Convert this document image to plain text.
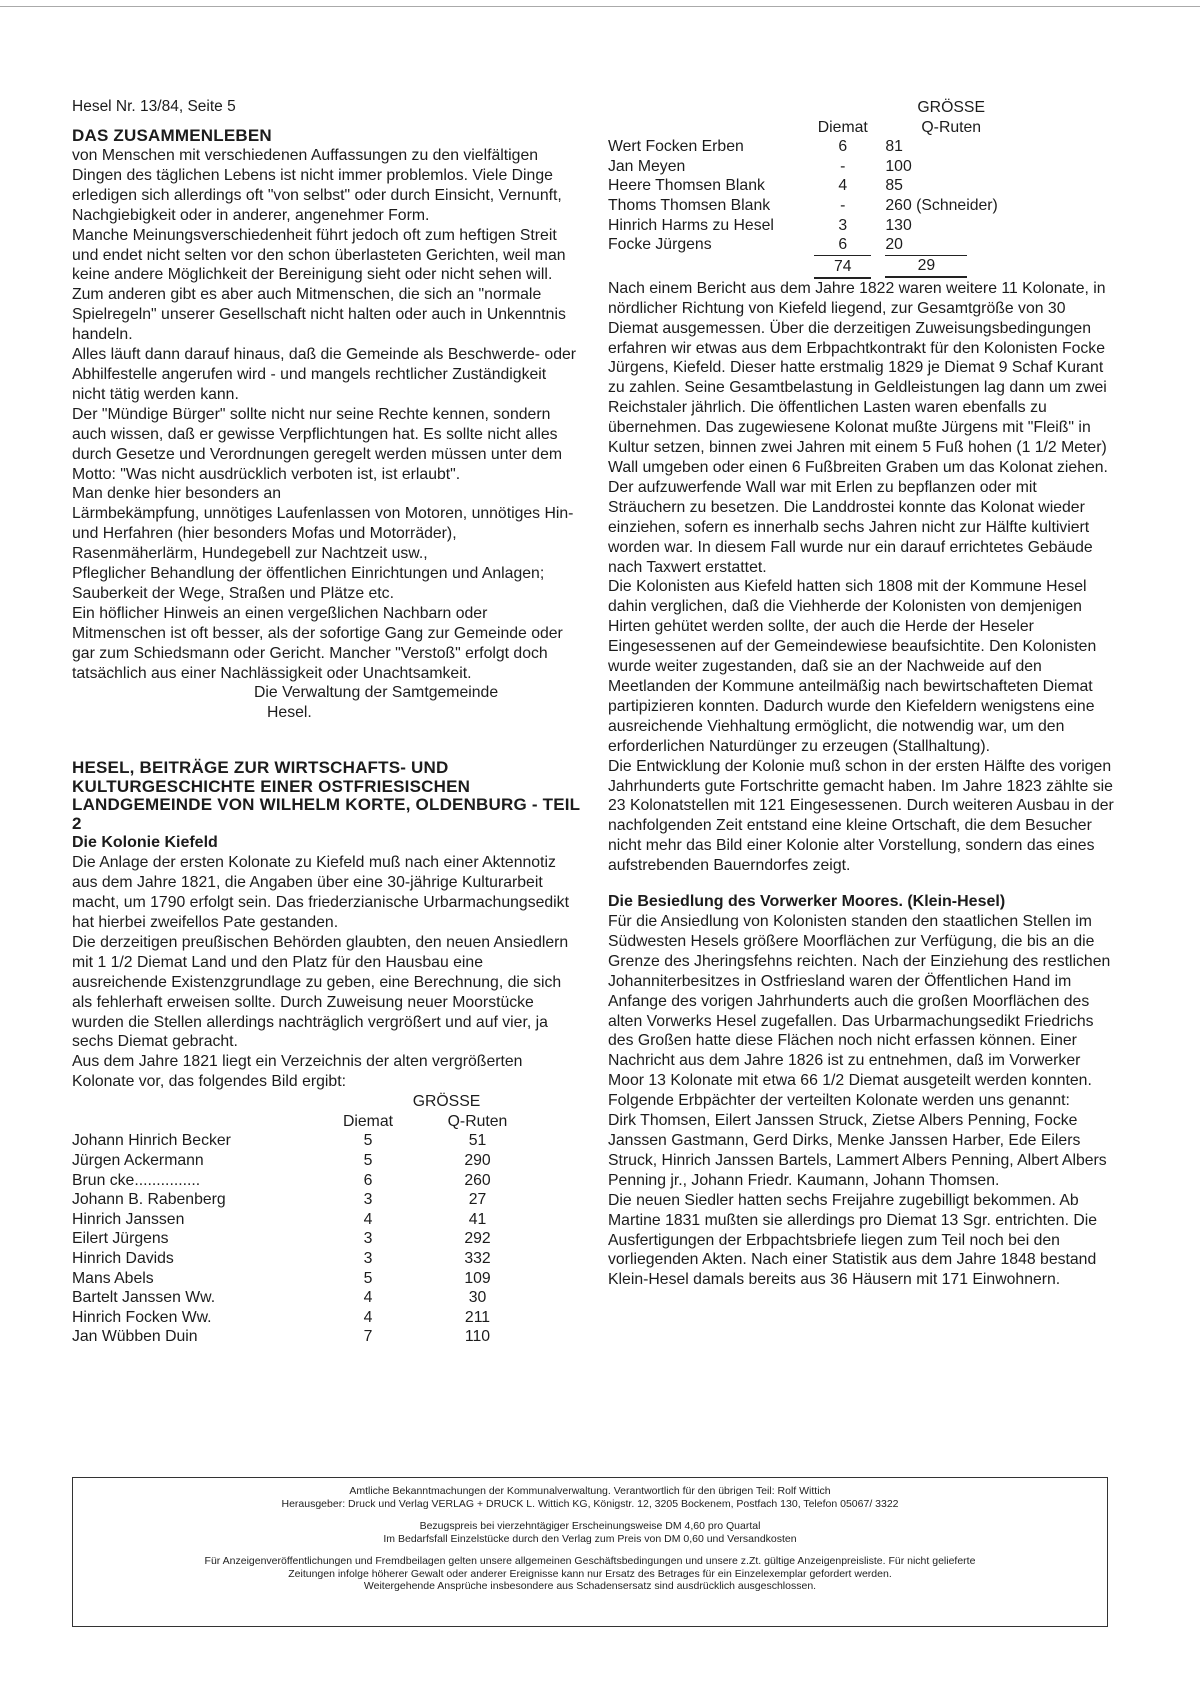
Hesel Nr. 13/84, Seite 5
DAS ZUSAMMENLEBEN

von Menschen mit verschiedenen Auffassungen zu den vielfältigen Dingen des täglichen Lebens ist nicht immer problemlos. Viele Dinge erledigen sich allerdings oft "von selbst" oder durch Einsicht, Vernunft, Nachgiebigkeit oder in anderer, angenehmer Form.

Manche Meinungsverschiedenheit führt jedoch oft zum heftigen Streit und endet nicht selten vor den schon überlasteten Gerichten, weil man keine andere Möglichkeit der Bereinigung sieht oder nicht sehen will.

Zum anderen gibt es aber auch Mitmenschen, die sich an "normale Spielregeln" unserer Gesellschaft nicht halten oder auch in Unkenntnis handeln.

Alles läuft dann darauf hinaus, daß die Gemeinde als Beschwerde- oder Abhilfestelle angerufen wird - und mangels rechtlicher Zuständigkeit nicht tätig werden kann.

Der "Mündige Bürger" sollte nicht nur seine Rechte kennen, sondern auch wissen, daß er gewisse Verpflichtungen hat. Es sollte nicht alles durch Gesetze und Verordnungen geregelt werden müssen unter dem Motto: "Was nicht ausdrücklich verboten ist, ist erlaubt".

Man denke hier besonders an

Lärmbekämpfung, unnötiges Laufenlassen von Motoren, unnötiges Hin- und Herfahren (hier besonders Mofas und Motorräder), Rasenmäherlärm, Hundegebell zur Nachtzeit usw.,

Pfleglicher Behandlung der öffentlichen Einrichtungen und Anlagen;

Sauberkeit der Wege, Straßen und Plätze etc.

Ein höflicher Hinweis an einen vergeßlichen Nachbarn oder Mitmenschen ist oft besser, als der sofortige Gang zur Gemeinde oder gar zum Schiedsmann oder Gericht. Mancher "Verstoß" erfolgt doch tatsächlich aus einer Nachlässigkeit oder Unachtsamkeit.

Die Verwaltung der Samtgemeinde

Hesel.

HESEL, BEITRÄGE ZUR WIRTSCHAFTS- UND KULTURGESCHICHTE EINER OSTFRIESISCHEN LANDGEMEINDE VON WILHELM KORTE, OLDENBURG - TEIL 2
Die Kolonie Kiefeld

Die Anlage der ersten Kolonate zu Kiefeld muß nach einer Aktennotiz aus dem Jahre 1821, die Angaben über eine 30-jährige Kulturarbeit macht, um 1790 erfolgt sein. Das friederzianische Urbarmachungsedikt hat hierbei zweifellos Pate gestanden.

Die derzeitigen preußischen Behörden glaubten, den neuen Ansiedlern mit 1 1/2 Diemat Land und den Platz für den Hausbau eine ausreichende Existenzgrundlage zu geben, eine Berechnung, die sich als fehlerhaft erweisen sollte. Durch Zuweisung neuer Moorstücke wurden die Stellen allerdings nachträglich vergrößert und auf vier, ja sechs Diemat gebracht.

Aus dem Jahre 1821 liegt ein Verzeichnis der alten vergrößerten Kolonate vor, das folgendes Bild ergibt:

	GRÖSSE	
	Diemat	Q-Ruten
Johann Hinrich Becker	5	51
Jürgen Ackermann	5	290
Brun cke...............	6	260
Johann B. Rabenberg	3	27
Hinrich Janssen	4	41
Eilert Jürgens	3	292
Hinrich Davids	3	332
Mans Abels	5	109
Bartelt Janssen Ww.	4	30
Hinrich Focken Ww.	4	211
Jan Wübben Duin	7	110
		GRÖSSE
	Diemat	Q-Ruten
Wert Focken Erben	6	81
Jan Meyen	-	100
Heere Thomsen Blank	4	85
Thoms Thomsen Blank	-	260 (Schneider)
Hinrich Harms zu Hesel	3	130
Focke Jürgens	6	20
	74	29

Nach einem Bericht aus dem Jahre 1822 waren weitere 11 Kolonate, in nördlicher Richtung von Kiefeld liegend, zur Gesamtgröße von 30 Diemat ausgemessen. Über die derzeitigen Zuweisungsbedingungen erfahren wir etwas aus dem Erbpachtkontrakt für den Kolonisten Focke Jürgens, Kiefeld. Dieser hatte erstmalig 1829 je Diemat 9 Schaf Kurant zu zahlen. Seine Gesamtbelastung in Geldleistungen lag dann um zwei Reichstaler jährlich. Die öffentlichen Lasten waren ebenfalls zu übernehmen. Das zugewiesene Kolonat mußte Jürgens mit "Fleiß" in Kultur setzen, binnen zwei Jahren mit einem 5 Fuß hohen (1 1/2 Meter) Wall umgeben oder einen 6 Fußbreiten Graben um das Kolonat ziehen. Der aufzuwerfende Wall war mit Erlen zu bepflanzen oder mit Sträuchern zu besetzen. Die Landdrostei konnte das Kolonat wieder einziehen, sofern es innerhalb sechs Jahren nicht zur Hälfte kultiviert worden war. In diesem Fall wurde nur ein darauf errichtetes Gebäude nach Taxwert erstattet.

Die Kolonisten aus Kiefeld hatten sich 1808 mit der Kommune Hesel dahin verglichen, daß die Viehherde der Kolonisten von demjenigen Hirten gehütet werden sollte, der auch die Herde der Heseler Eingesessenen auf der Gemeindewiese beaufsichtite. Den Kolonisten wurde weiter zugestanden, daß sie an der Nachweide auf den Meetlanden der Kommune anteilmäßig nach bewirtschafteten Diemat partipizieren konnten. Dadurch wurde den Kiefeldern wenigstens eine ausreichende Viehhaltung ermöglicht, die notwendig war, um den erforderlichen Naturdünger zu erzeugen (Stallhaltung).

Die Entwicklung der Kolonie muß schon in der ersten Hälfte des vorigen Jahrhunderts gute Fortschritte gemacht haben. Im Jahre 1823 zählte sie 23 Kolonatstellen mit 121 Eingesessenen. Durch weiteren Ausbau in der nachfolgenden Zeit entstand eine kleine Ortschaft, die dem Besucher nicht mehr das Bild einer Kolonie alter Vorstellung, sondern das eines aufstrebenden Bauerndorfes zeigt.

Die Besiedlung des Vorwerker Moores. (Klein-Hesel)

Für die Ansiedlung von Kolonisten standen den staatlichen Stellen im Südwesten Hesels größere Moorflächen zur Verfügung, die bis an die Grenze des Jheringsfehns reichten. Nach der Einziehung des restlichen Johanniterbesitzes in Ostfriesland waren der Öffentlichen Hand im Anfange des vorigen Jahrhunderts auch die großen Moorflächen des alten Vorwerks Hesel zugefallen. Das Urbarmachungsedikt Friedrichs des Großen hatte diese Flächen noch nicht erfassen können. Einer Nachricht aus dem Jahre 1826 ist zu entnehmen, daß im Vorwerker Moor 13 Kolonate mit etwa 66 1/2 Diemat ausgeteilt werden konnten. Folgende Erbpächter der verteilten Kolonate werden uns genannt:

Dirk Thomsen, Eilert Janssen Struck, Zietse Albers Penning, Focke Janssen Gastmann, Gerd Dirks, Menke Janssen Harber, Ede Eilers Struck, Hinrich Janssen Bartels, Lammert Albers Penning, Albert Albers Penning jr., Johann Friedr. Kaumann, Johann Thomsen.

Die neuen Siedler hatten sechs Freijahre zugebilligt bekommen. Ab Martine 1831 mußten sie allerdings pro Diemat 13 Sgr. entrichten. Die Ausfertigungen der Erbpachtsbriefe liegen zum Teil noch bei den vorliegenden Akten. Nach einer Statistik aus dem Jahre 1848 bestand Klein-Hesel damals bereits aus 36 Häusern mit 171 Einwohnern.

Amtliche Bekanntmachungen der Kommunalverwaltung. Verantwortlich für den übrigen Teil: Rolf Wittich
Herausgeber: Druck und Verlag VERLAG + DRUCK L. Wittich KG, Königstr. 12, 3205 Bockenem, Postfach 130, Telefon 05067/ 3322
Bezugspreis bei vierzehntägiger Erscheinungsweise DM 4,60 pro Quartal
Im Bedarfsfall Einzelstücke durch den Verlag zum Preis von DM 0,60 und Versandkosten
Für Anzeigenveröffentlichungen und Fremdbeilagen gelten unsere allgemeinen Geschäftsbedingungen und unsere z.Zt. gültige Anzeigenpreisliste. Für nicht gelieferte
Zeitungen infolge höherer Gewalt oder anderer Ereignisse kann nur Ersatz des Betrages für ein Einzelexemplar gefordert werden.
Weitergehende Ansprüche insbesondere aus Schadensersatz sind ausdrücklich ausgeschlossen.
